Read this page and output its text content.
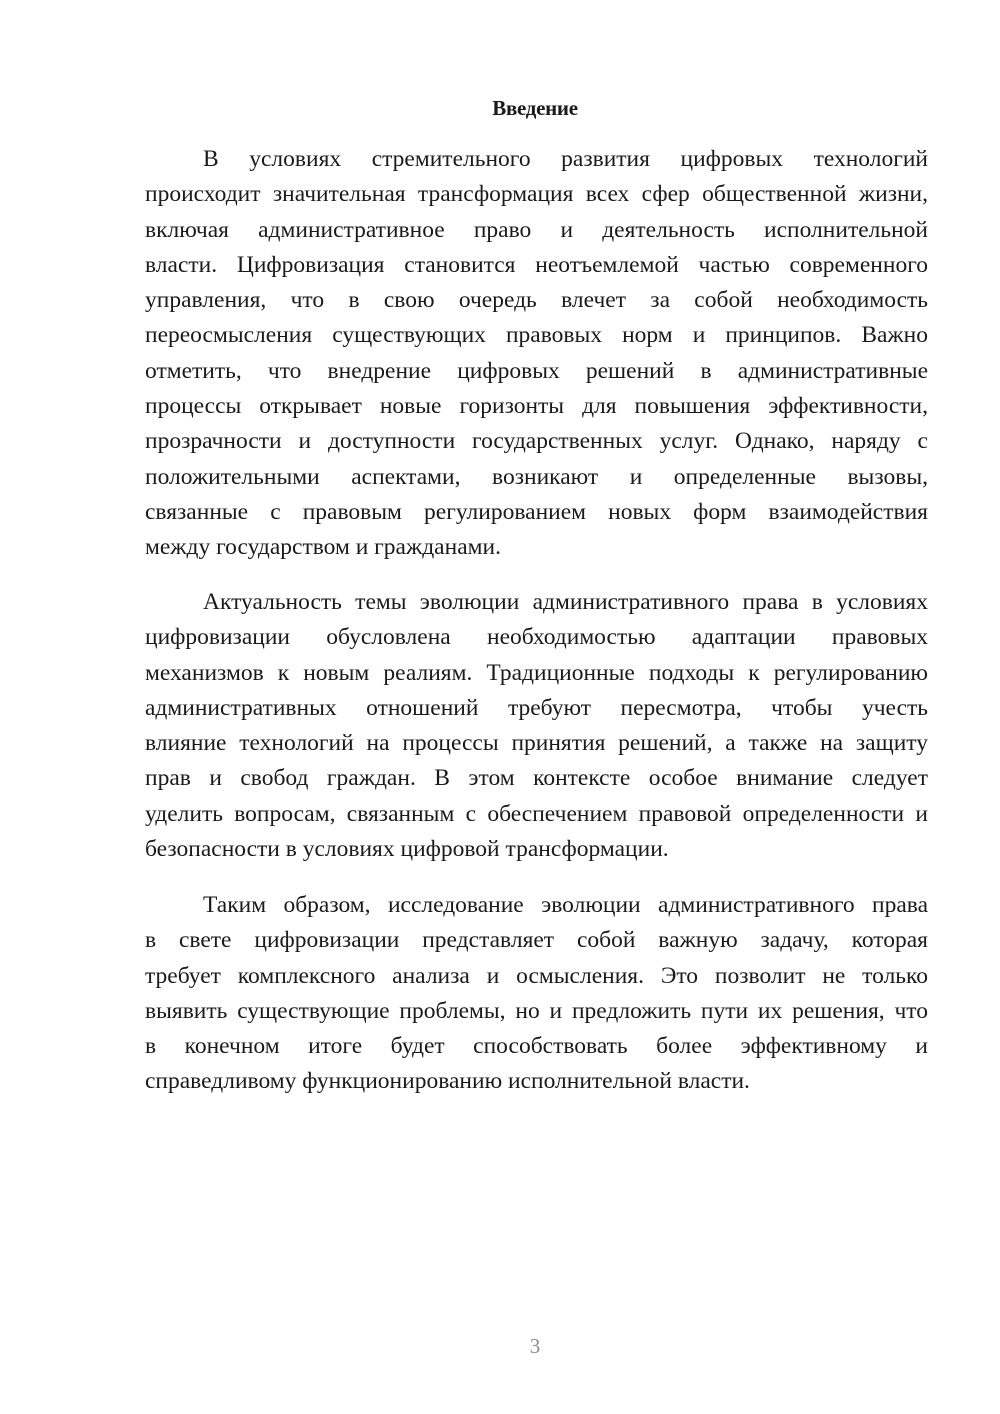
Введение
В условиях стремительного развития цифровых технологий
происходит значительная трансформация всех сфер общественной жизни,
включая административное право и деятельность исполнительной
власти. Цифровизация становится неотъемлемой частью современного
управления, что в свою очередь влечет за собой необходимость
переосмысления существующих правовых норм и принципов. Важно
отметить, что внедрение цифровых решений в административные
процессы открывает новые горизонты для повышения эффективности,
прозрачности и доступности государственных услуг. Однако, наряду с
положительными аспектами, возникают и определенные вызовы,
связанные с правовым регулированием новых форм взаимодействия
между государством и гражданами.
Актуальность темы эволюции административного права в условиях
цифровизации обусловлена необходимостью адаптации правовых
механизмов к новым реалиям. Традиционные подходы к регулированию
административных отношений требуют пересмотра, чтобы учесть
влияние технологий на процессы принятия решений, а также на защиту
прав и свобод граждан. В этом контексте особое внимание следует
уделить вопросам, связанным с обеспечением правовой определенности и
безопасности в условиях цифровой трансформации.
Таким образом, исследование эволюции административного права
в свете цифровизации представляет собой важную задачу, которая
требует комплексного анализа и осмысления. Это позволит не только
выявить существующие проблемы, но и предложить пути их решения, что
в конечном итоге будет способствовать более эффективному и
справедливому функционированию исполнительной власти.
3
